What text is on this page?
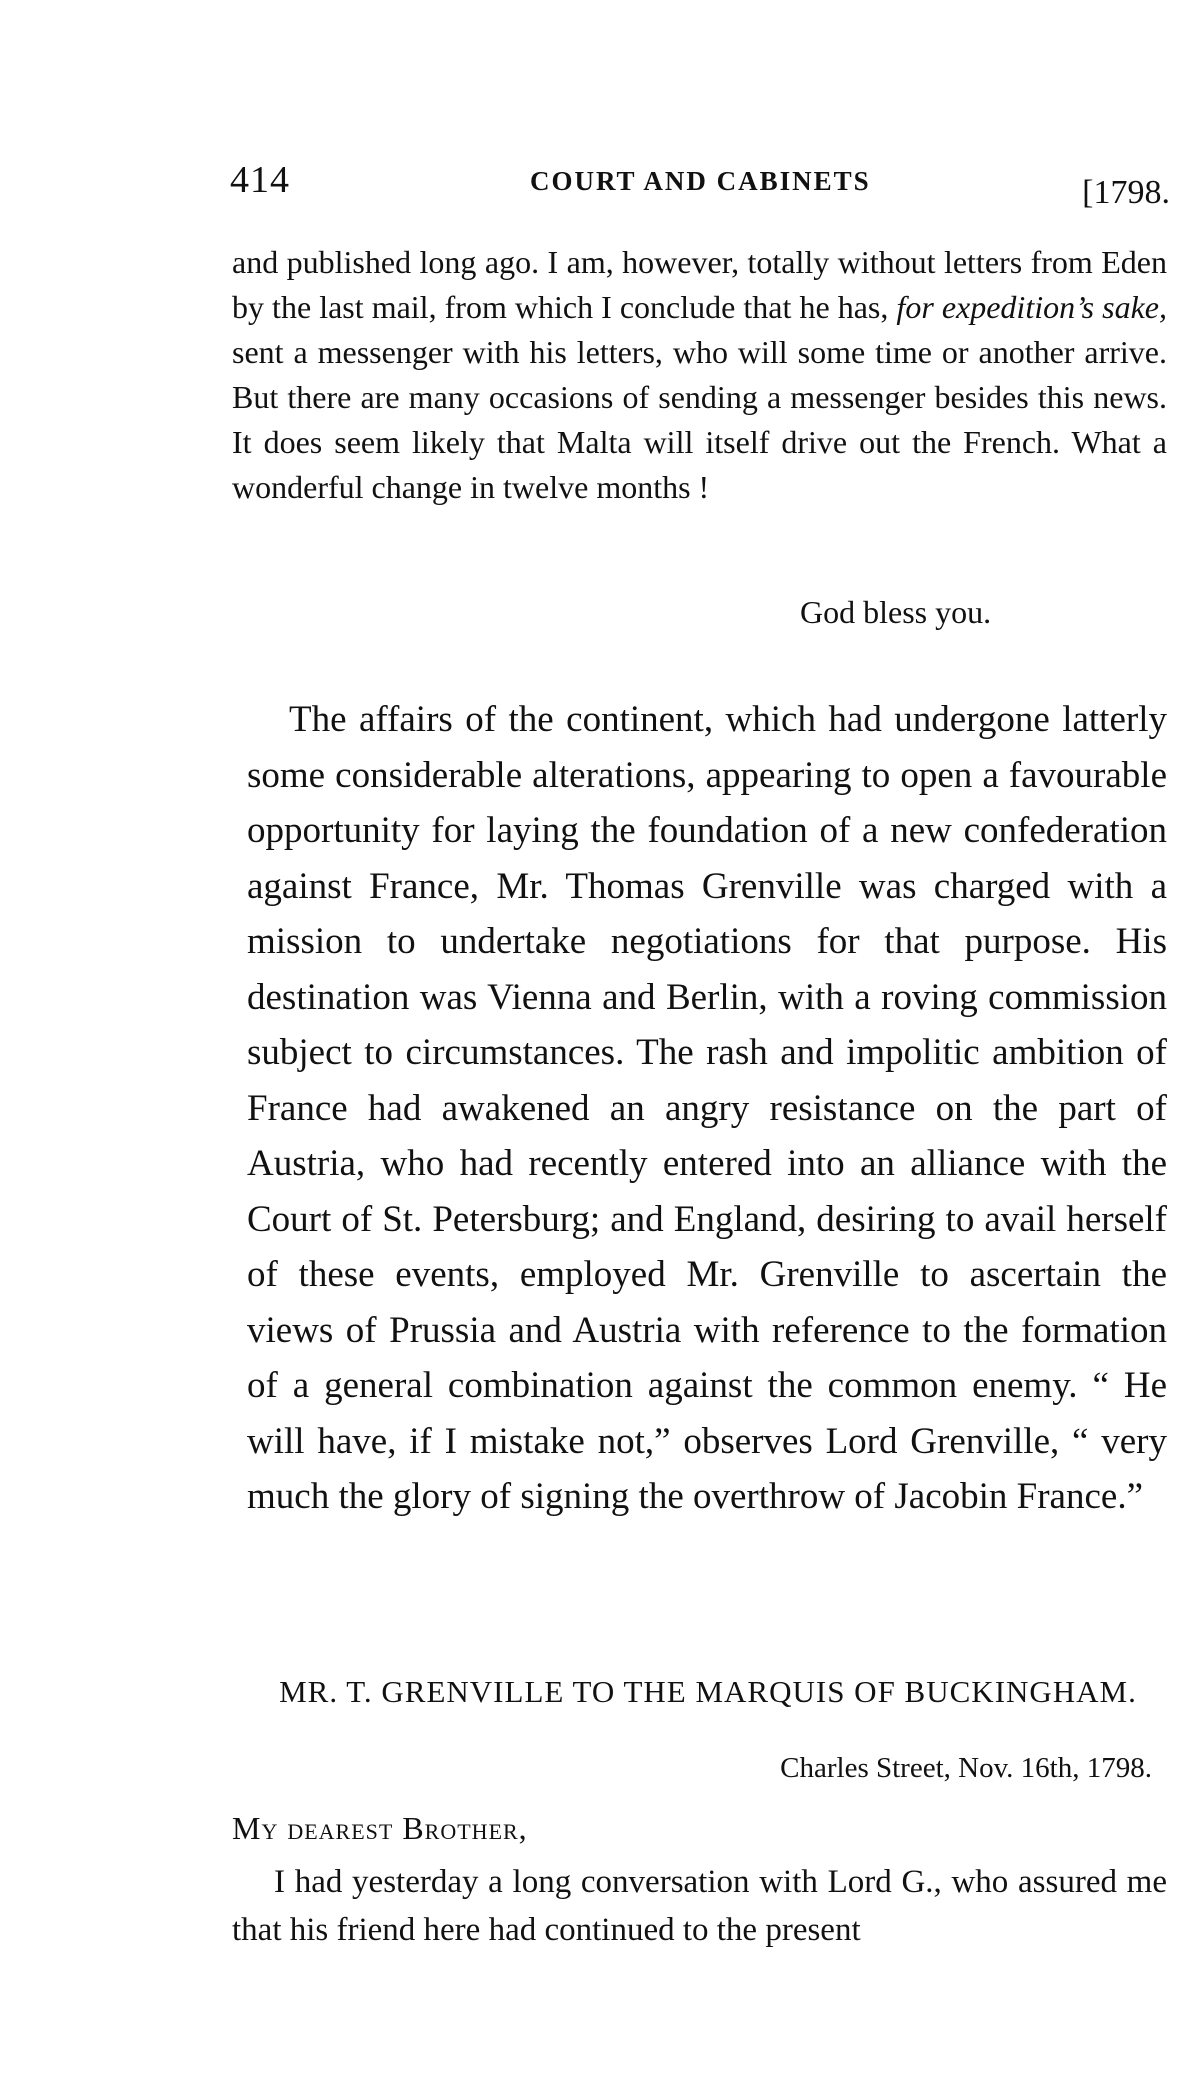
414	COURT AND CABINETS	[1798.

and published long ago. I am, however, totally without letters from Eden by the last mail, from which I conclude that he has, for expedition’s sake, sent a messenger with his letters, who will some time or another arrive. But there are many occasions of sending a messenger besides this news. It does seem likely that Malta will itself drive out the French. What a wonderful change in twelve months !

God bless you.

The affairs of the continent, which had undergone latterly some considerable alterations, appearing to open a favourable opportunity for laying the foundation of a new confederation against France, Mr. Thomas Grenville was charged with a mission to undertake negotiations for that purpose. His destination was Vienna and Berlin, with a roving commission subject to circumstances. The rash and impolitic ambition of France had awakened an angry resistance on the part of Austria, who had recently entered into an alliance with the Court of St. Petersburg; and England, desiring to avail herself of these events, employed Mr. Grenville to ascertain the views of Prussia and Austria with reference to the formation of a general combination against the common enemy. “ He will have, if I mistake not,” observes Lord Grenville, “ very much the glory of signing the overthrow of Jacobin France.”

MR. T. GRENVILLE TO THE MARQUIS OF BUCKINGHAM.
Charles Street, Nov. 16th, 1798.
My dearest Brother,

I had yesterday a long conversation with Lord G., who assured me that his friend here had continued to the present
